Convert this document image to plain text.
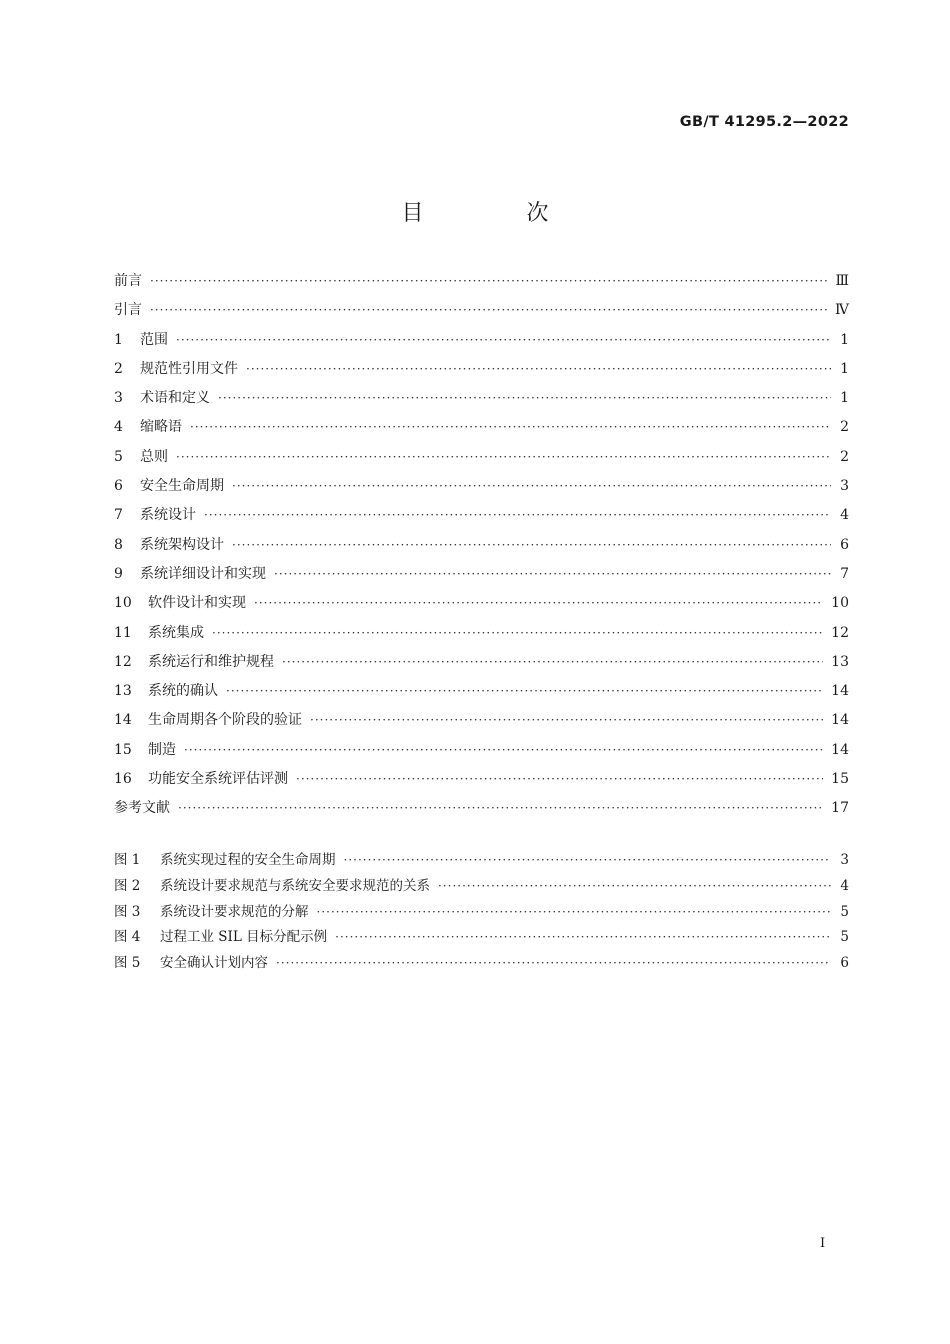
GB/T 41295.2—2022
目 次
前言 ·····	Ⅲ
引言 ·····	Ⅳ
1	范围 ·····	1
2	规范性引用文件 ·····	1
3	术语和定义 ·····	1
4	缩略语 ·····	2
5	总则 ·····	2
6	安全生命周期 ·····	3
7	系统设计 ·····	4
8	系统架构设计 ·····	6
9	系统详细设计和实现 ·····	7
10	软件设计和实现 ·····	10
11	系统集成 ·····	12
12	系统运行和维护规程 ·····	13
13	系统的确认 ·····	14
14	生命周期各个阶段的验证 ·····	14
15	制造 ·····	14
16	功能安全系统评估评测 ·····	15
参考文献 ·····	17
图 1	系统实现过程的安全生命周期 ·····	3
图 2	系统设计要求规范与系统安全要求规范的关系 ·····	4
图 3	系统设计要求规范的分解 ·····	5
图 4	过程工业 SIL 目标分配示例 ·····	5
图 5	安全确认计划内容 ·····	6
Ⅰ
